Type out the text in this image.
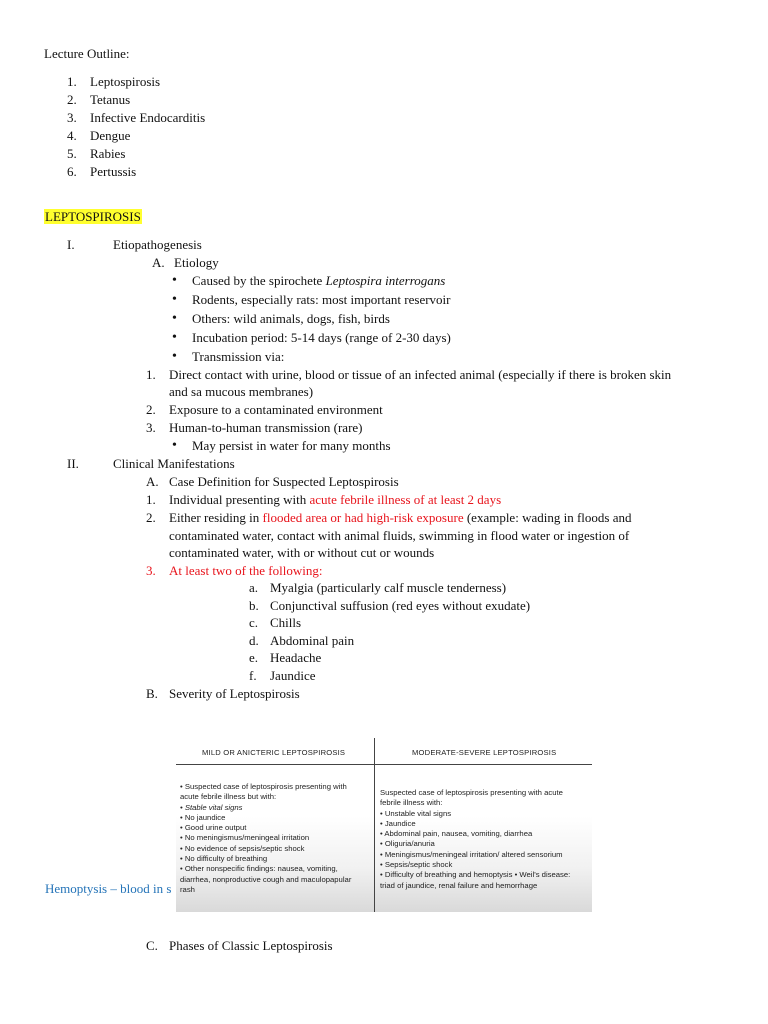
Lecture Outline:
1. Leptospirosis
2. Tetanus
3. Infective Endocarditis
4. Dengue
5. Rabies
6. Pertussis
LEPTOSPIROSIS
I.	Etiopathogenesis
A. Etiology
• Caused by the spirochete Leptospira interrogans
• Rodents, especially rats: most important reservoir
• Others: wild animals, dogs, fish, birds
• Incubation period: 5-14 days (range of 2-30 days)
• Transmission via:
1. Direct contact with urine, blood or tissue of an infected animal (especially if there is broken skin
and sa mucous membranes)
2. Exposure to a contaminated environment
3. Human-to-human transmission (rare)
• May persist in water for many months
II.	Clinical Manifestations
A. Case Definition for Suspected Leptospirosis
1. Individual presenting with acute febrile illness of at least 2 days
2. Either residing in flooded area or had high-risk exposure (example: wading in floods and
contaminated water, contact with animal fluids, swimming in flood water or ingestion of
contaminated water, with or without cut or wounds
3. At least two of the following:
a. Myalgia (particularly calf muscle tenderness)
b. Conjunctival suffusion (red eyes without exudate)
c. Chills
d. Abdominal pain
e. Headache
f. Jaundice
B. Severity of Leptospirosis
Hemoptysis – blood in s
MILD OR ANICTERIC LEPTOSPIROSIS	MODERATE-SEVERE LEPTOSPIROSIS
• Suspected case of leptospirosis presenting with
acute febrile illness but with:
• Stable vital signs
• No jaundice
• Good urine output
• No meningismus/meningeal irritation
• No evidence of sepsis/septic shock
• No difficulty of breathing
• Other nonspecific findings: nausea, vomiting,
diarrhea, nonproductive cough and maculopapular
rash
Suspected case of leptospirosis presenting with acute
febrile illness with:
• Unstable vital signs
• Jaundice
• Abdominal pain, nausea, vomiting, diarrhea
• Oliguria/anuria
• Meningismus/meningeal irritation/ altered sensorium
• Sepsis/septic shock
• Difficulty of breathing and hemoptysis • Weil's disease:
triad of jaundice, renal failure and hemorrhage
C. Phases of Classic Leptospirosis
